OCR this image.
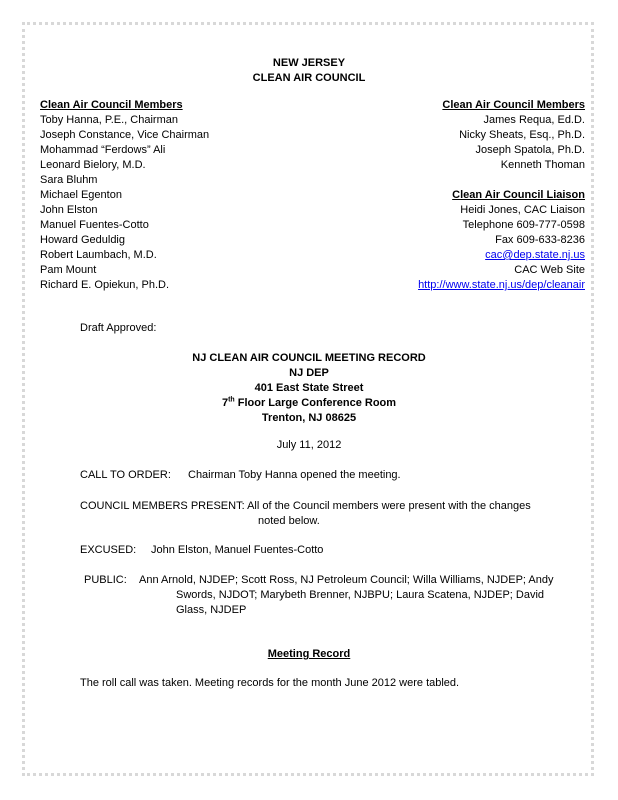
NEW JERSEY
CLEAN AIR COUNCIL
Clean Air Council Members
Toby Hanna, P.E., Chairman
Joseph Constance, Vice Chairman
Mohammad “Ferdows” Ali
Leonard Bielory, M.D.
Sara Bluhm
Michael Egenton
John Elston
Manuel Fuentes-Cotto
Howard Geduldig
Robert Laumbach, M.D.
Pam Mount
Richard E. Opiekun, Ph.D.
Clean Air Council Members
James Requa, Ed.D.
Nicky Sheats, Esq., Ph.D.
Joseph Spatola, Ph.D.
Kenneth Thoman
Clean Air Council Liaison
Heidi Jones, CAC Liaison
Telephone 609-777-0598
Fax 609-633-8236
cac@dep.state.nj.us
CAC Web Site
http://www.state.nj.us/dep/cleanair
Draft Approved:
NJ CLEAN AIR COUNCIL MEETING RECORD
NJ DEP
401 East State Street
7th Floor Large Conference Room
Trenton, NJ 08625
July 11, 2012
CALL TO ORDER: Chairman Toby Hanna opened the meeting.
COUNCIL MEMBERS PRESENT: All of the Council members were present with the changes
noted below.
EXCUSED: John Elston, Manuel Fuentes-Cotto
PUBLIC: Ann Arnold, NJDEP; Scott Ross, NJ Petroleum Council; Willa Williams, NJDEP; Andy
Swords, NJDOT; Marybeth Brenner, NJBPU; Laura Scatena, NJDEP; David
Glass, NJDEP
Meeting Record
The roll call was taken. Meeting records for the month June 2012 were tabled.
